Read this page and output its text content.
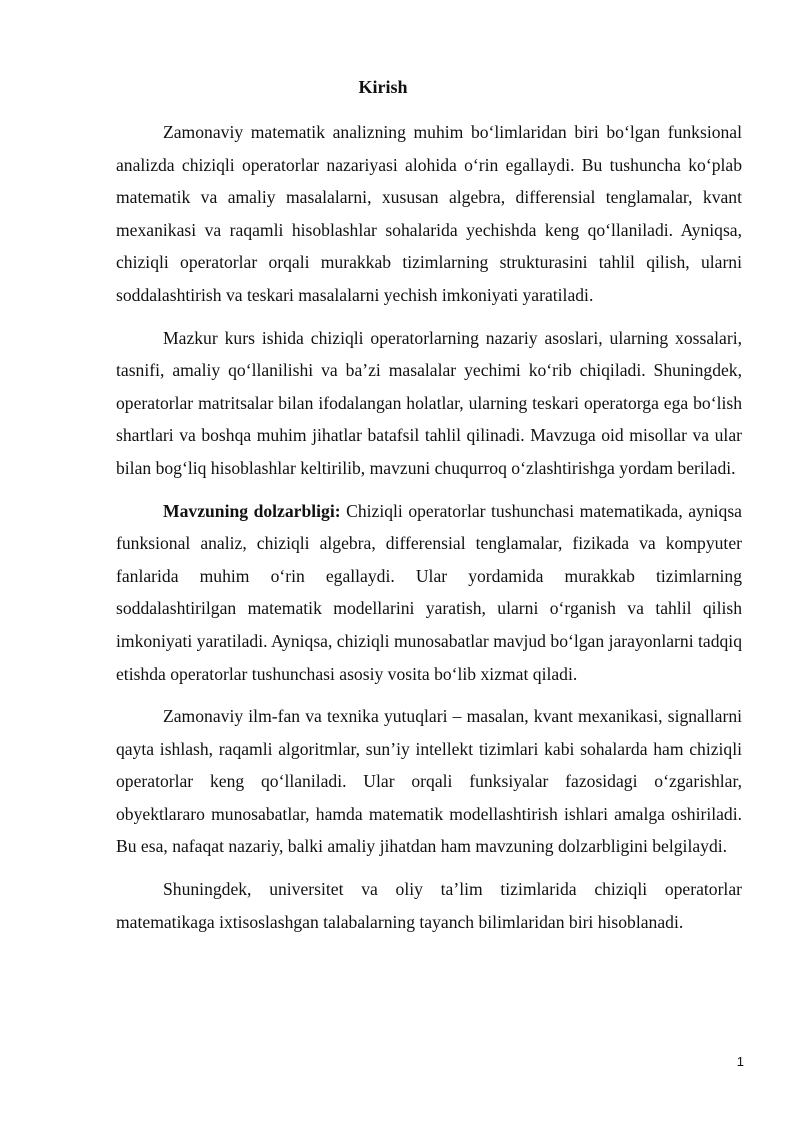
Kirish

Zamonaviy matematik analizning muhim bo‘limlaridan biri bo‘lgan funksional analizda chiziqli operatorlar nazariyasi alohida o‘rin egallaydi. Bu tushuncha ko‘plab matematik va amaliy masalalarni, xususan algebra, differensial tenglamalar, kvant mexanikasi va raqamli hisoblashlar sohalarida yechishda keng qo‘llaniladi. Ayniqsa, chiziqli operatorlar orqali murakkab tizimlarning strukturasini tahlil qilish, ularni soddalashtirish va teskari masalalarni yechish imkoniyati yaratiladi.

Mazkur kurs ishida chiziqli operatorlarning nazariy asoslari, ularning xossalari, tasnifi, amaliy qo‘llanilishi va ba’zi masalalar yechimi ko‘rib chiqiladi. Shuningdek, operatorlar matritsalar bilan ifodalangan holatlar, ularning teskari operatorga ega bo‘lish shartlari va boshqa muhim jihatlar batafsil tahlil qilinadi. Mavzuga oid misollar va ular bilan bog‘liq hisoblashlar keltirilib, mavzuni chuqurroq o‘zlashtirishga yordam beriladi.

Mavzuning dolzarbligi: Chiziqli operatorlar tushunchasi matematikada, ayniqsa funksional analiz, chiziqli algebra, differensial tenglamalar, fizikada va kompyuter fanlarida muhim o‘rin egallaydi. Ular yordamida murakkab tizimlarning soddalashtirilgan matematik modellarini yaratish, ularni o‘rganish va tahlil qilish imkoniyati yaratiladi. Ayniqsa, chiziqli munosabatlar mavjud bo‘lgan jarayonlarni tadqiq etishda operatorlar tushunchasi asosiy vosita bo‘lib xizmat qiladi.

Zamonaviy ilm-fan va texnika yutuqlari – masalan, kvant mexanikasi, signallarni qayta ishlash, raqamli algoritmlar, sun’iy intellekt tizimlari kabi sohalarda ham chiziqli operatorlar keng qo‘llaniladi. Ular orqali funksiyalar fazosidagi o‘zgarishlar, obyektlararo munosabatlar, hamda matematik modellashtirish ishlari amalga oshiriladi. Bu esa, nafaqat nazariy, balki amaliy jihatdan ham mavzuning dolzarbligini belgilaydi.

Shuningdek, universitet va oliy ta’lim tizimlarida chiziqli operatorlar matematikaga ixtisoslashgan talabalarning tayanch bilimlaridan biri hisoblanadi.

1
